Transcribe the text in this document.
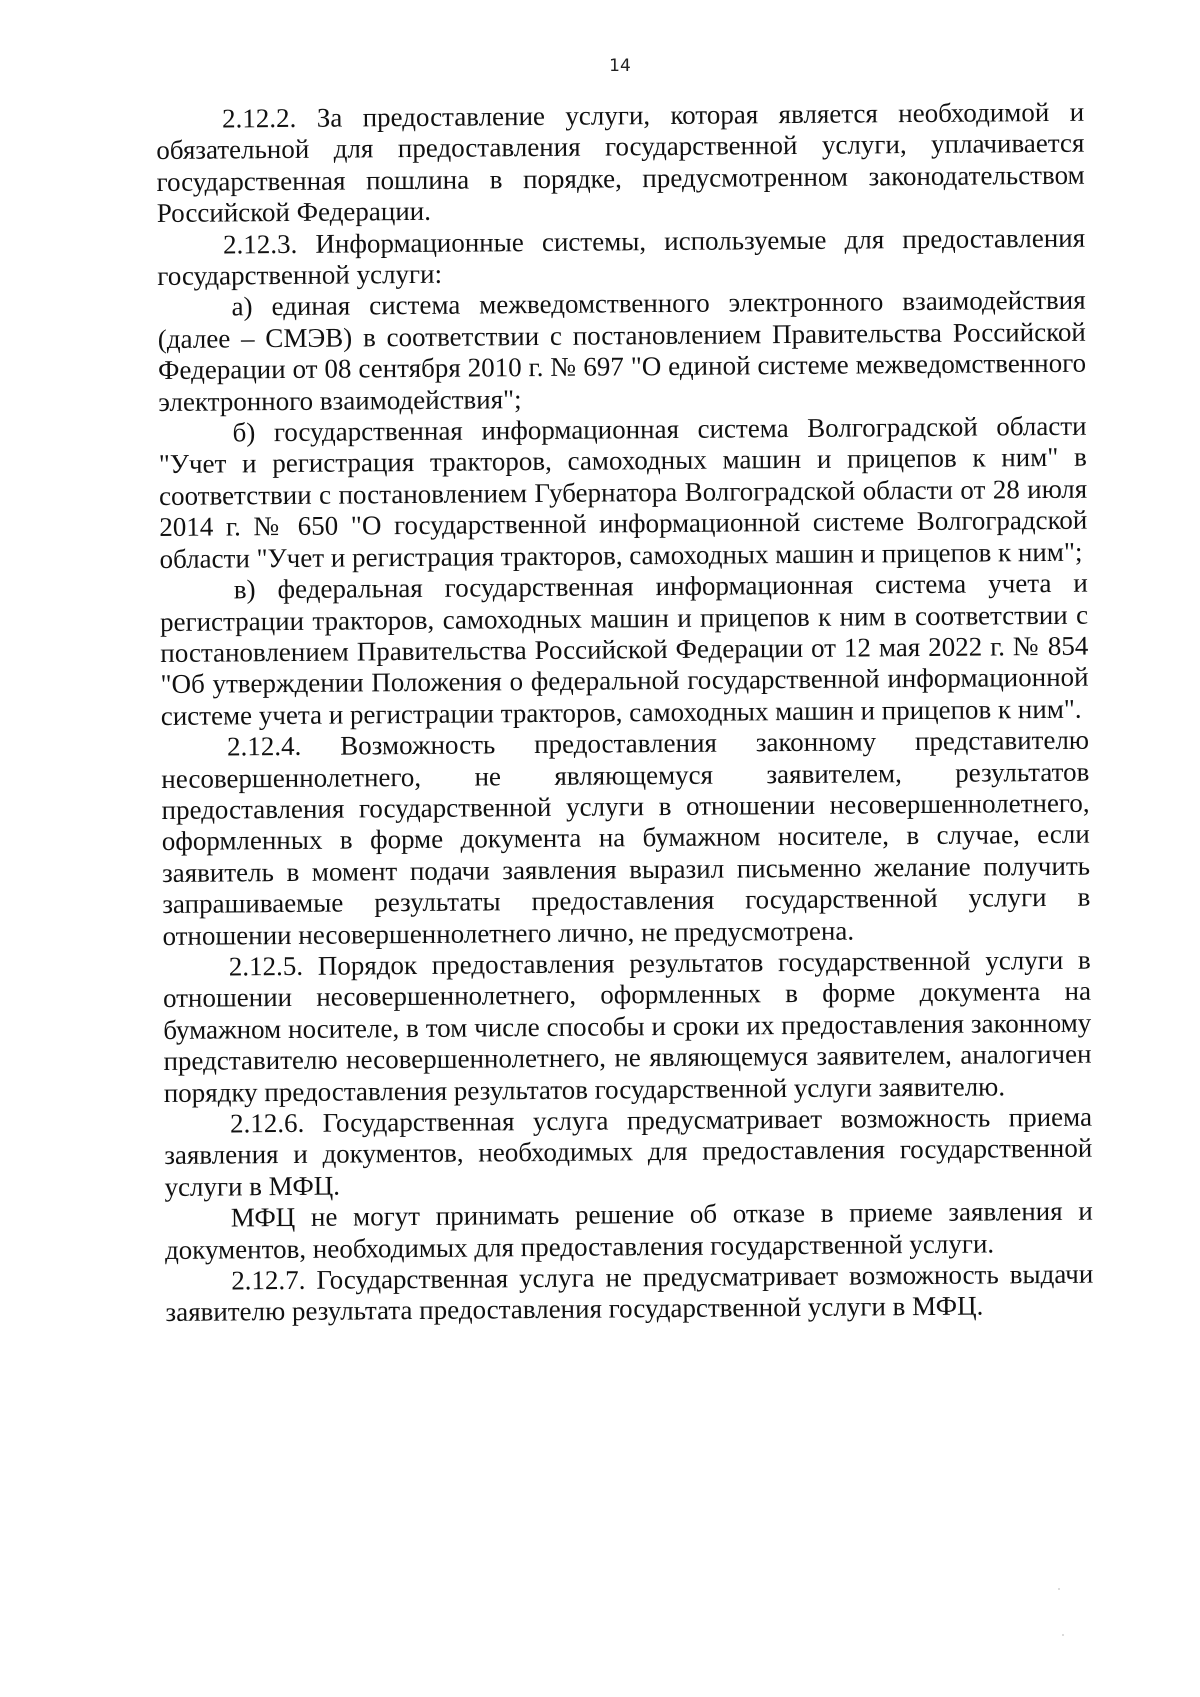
14

2.12.2. За предоставление услуги, которая является необходимой и обязательной для предоставления государственной услуги, уплачивается государственная пошлина в порядке, предусмотренном законодательством Российской Федерации.

2.12.3. Информационные системы, используемые для предоставления государственной услуги:

а) единая система межведомственного электронного взаимодействия (далее – СМЭВ) в соответствии с постановлением Правительства Российской Федерации от 08 сентября 2010 г. № 697 "О единой системе межведомственного электронного взаимодействия";

б) государственная информационная система Волгоградской области "Учет и регистрация тракторов, самоходных машин и прицепов к ним" в соответствии с постановлением Губернатора Волгоградской области от 28 июля 2014 г. № 650 "О государственной информационной системе Волгоградской области "Учет и регистрация тракторов, самоходных машин и прицепов к ним";

в) федеральная государственная информационная система учета и регистрации тракторов, самоходных машин и прицепов к ним в соответствии с постановлением Правительства Российской Федерации от 12 мая 2022 г. № 854 "Об утверждении Положения о федеральной государственной информационной системе учета и регистрации тракторов, самоходных машин и прицепов к ним".

2.12.4. Возможность предоставления законному представителю несовершеннолетнего, не являющемуся заявителем, результатов предоставления государственной услуги в отношении несовершеннолетнего, оформленных в форме документа на бумажном носителе, в случае, если заявитель в момент подачи заявления выразил письменно желание получить запрашиваемые результаты предоставления государственной услуги в отношении несовершеннолетнего лично, не предусмотрена.

2.12.5. Порядок предоставления результатов государственной услуги в отношении несовершеннолетнего, оформленных в форме документа на бумажном носителе, в том числе способы и сроки их предоставления законному представителю несовершеннолетнего, не являющемуся заявителем, аналогичен порядку предоставления результатов государственной услуги заявителю.

2.12.6. Государственная услуга предусматривает возможность приема заявления и документов, необходимых для предоставления государственной услуги в МФЦ.

МФЦ не могут принимать решение об отказе в приеме заявления и документов, необходимых для предоставления государственной услуги.

2.12.7. Государственная услуга не предусматривает возможность выдачи заявителю результата предоставления государственной услуги в МФЦ.
